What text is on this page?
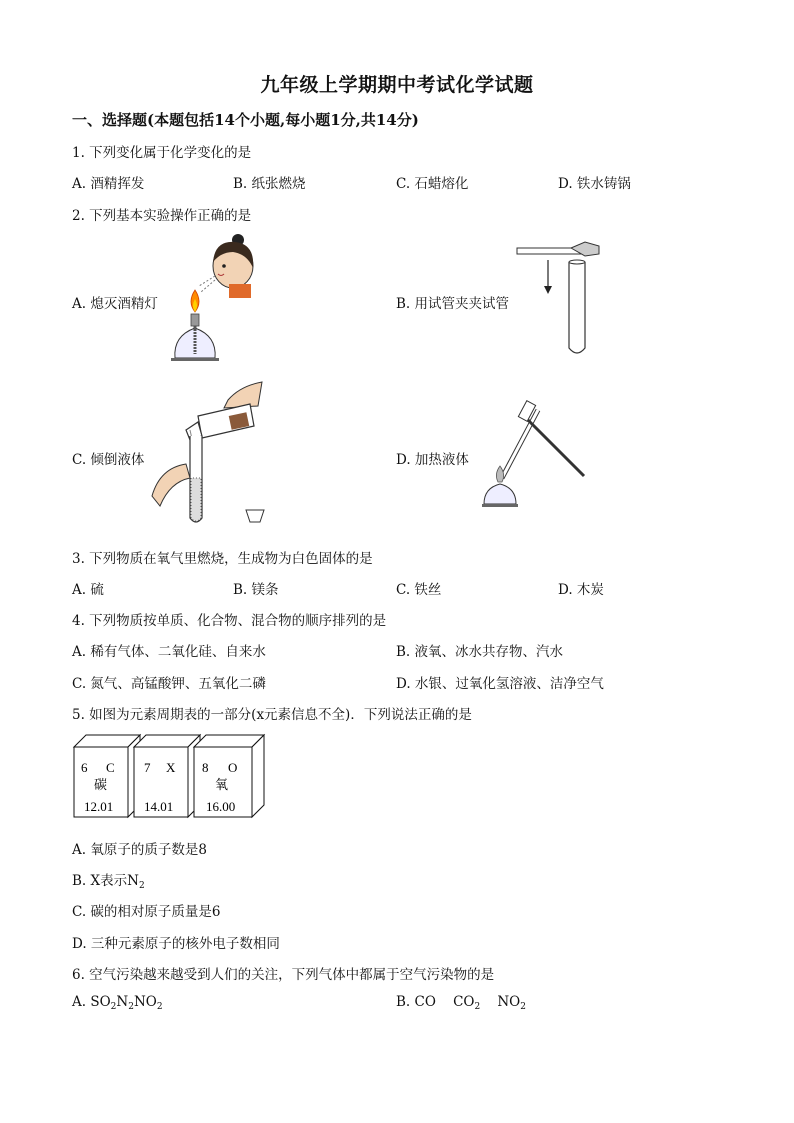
九年级上学期期中考试化学试题
一、选择题(本题包括14个小题,每小题1分,共14分)
1. 下列变化属于化学变化的是
A. 酒精挥发	B. 纸张燃烧	C. 石蜡熔化	D. 铁水铸锅
2. 下列基本实验操作正确的是
A. 熄灭酒精灯	B. 用试管夹夹试管
C. 倾倒液体	D. 加热液体
3. 下列物质在氧气里燃烧，生成物为白色固体的是
A. 硫	B. 镁条	C. 铁丝	D. 木炭
4. 下列物质按单质、化合物、混合物的顺序排列的是
A. 稀有气体、二氧化硅、自来水	B. 液氧、冰水共存物、汽水
C. 氮气、高锰酸钾、五氧化二磷	D. 水银、过氧化氢溶液、洁净空气
5. 如图为元素周期表的一部分(x元素信息不全)．下列说法正确的是
6 C
碳
12.01
7 X
14.01
8 O
氧
16.00
A. 氧原子的质子数是8
B. X表示$N_2$
C. 碳的相对原子质量是6
D. 三种元素原子的核外电子数相同
6. 空气污染越来越受到人们的关注，下列气体中都属于空气污染物的是
A. $SO_2N_2NO_2$	B. CO    $CO_2$    $NO_2$
